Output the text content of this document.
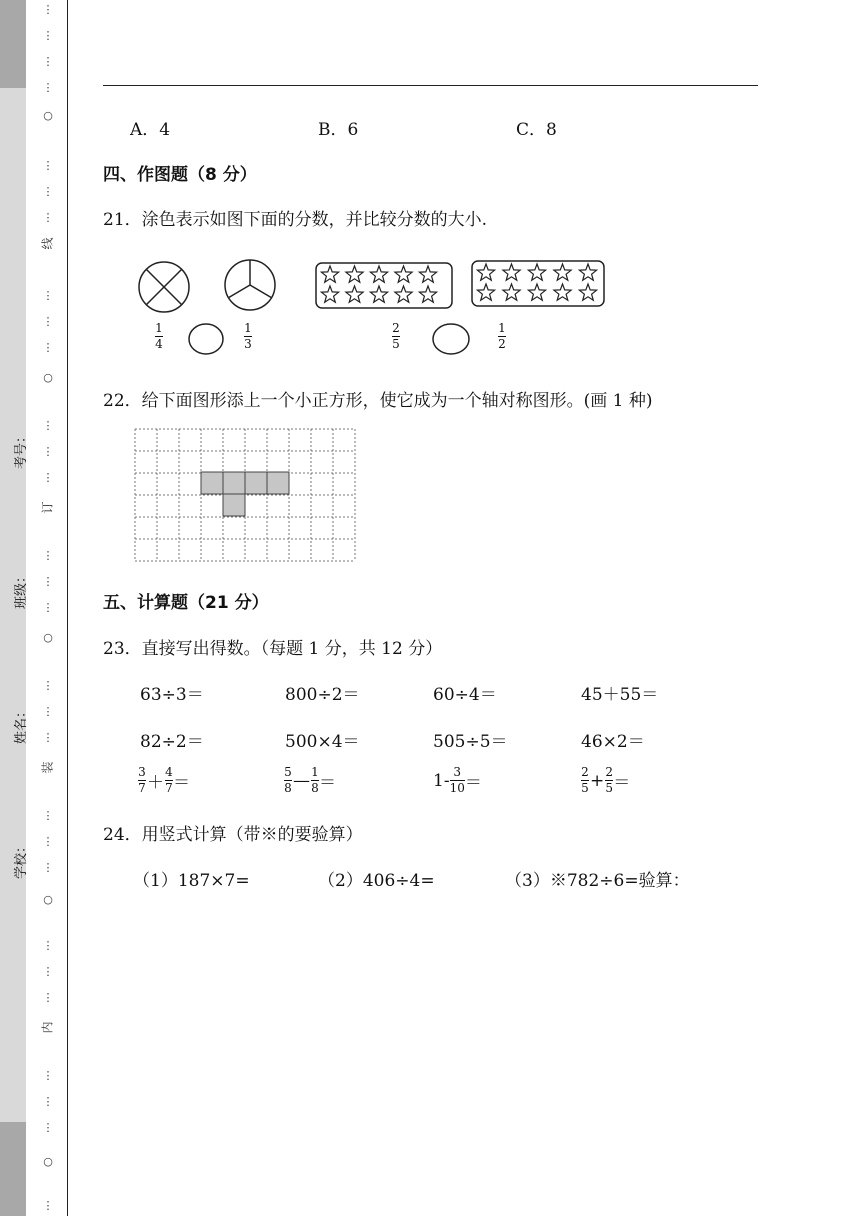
考号：
班级：
姓名：
学校：
⋮
⋮
⋮
⋮
⋮
⋮
⋮
⋮
⋮
⋮
⋮
⋮
⋮
⋮
⋮
⋮
⋮
⋮
⋮
⋮
⋮
⋮
⋮
⋮
⋮
⋮
⋮
⋮
⋮
○
○
○
○
○
线
订
装
内
A．4	B．6	C．8
四、作图题（8 分）
21．涂色表示如图下面的分数，并比较分数的大小.
1
4
1
3
2
5
1
2
22．给下面图形添上一个小正方形，使它成为一个轴对称图形。(画 1 种)
五、计算题（21 分）
23．直接写出得数。（每题 1 分，共 12 分）
63÷3＝	800÷2＝	60÷4＝	45＋55＝
82÷2＝	500×4＝	505÷5＝	46×2＝
$\frac{3}{7} + \frac{4}{7}$ ＝	$\frac{5}{8}$ — $\frac{1}{8}$ ＝	$1- \frac{3}{10}$ ＝	$\frac{2}{5} + \frac{2}{5}$ ＝
24．用竖式计算（带※的要验算）
（1）187×7=	（2）406÷4=	（3）※782÷6=验算：
